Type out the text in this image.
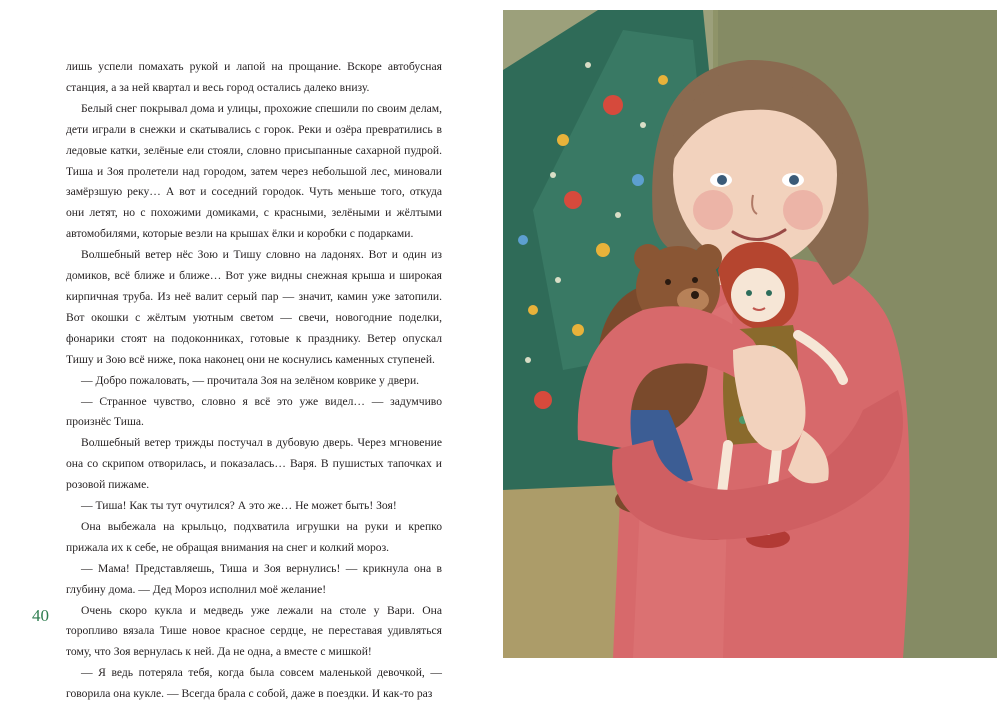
лишь успели помахать рукой и лапой на прощание. Вскоре автобусная станция, а за ней квартал и весь город остались далеко внизу.

Белый снег покрывал дома и улицы, прохожие спешили по своим делам, дети играли в снежки и скатывались с горок. Реки и озёра превратились в ледовые катки, зелёные ели стояли, словно присыпанные сахарной пудрой. Тиша и Зоя пролетели над городом, затем через небольшой лес, миновали замёрзшую реку… А вот и соседний городок. Чуть меньше того, откуда они летят, но с похожими домиками, с красными, зелёными и жёлтыми автомобилями, которые везли на крышах ёлки и коробки с подарками.

Волшебный ветер нёс Зою и Тишу словно на ладонях. Вот и один из домиков, всё ближе и ближе… Вот уже видны снежная крыша и широкая кирпичная труба. Из неё валит серый пар — значит, камин уже затопили. Вот окошки с жёлтым уютным светом — свечи, новогодние поделки, фонарики стоят на подоконниках, готовые к празднику. Ветер опускал Тишу и Зою всё ниже, пока наконец они не коснулись каменных ступеней.

— Добро пожаловать, — прочитала Зоя на зелёном коврике у двери.

— Странное чувство, словно я всё это уже видел… — задумчиво произнёс Тиша.

Волшебный ветер трижды постучал в дубовую дверь. Через мгновение она со скрипом отворилась, и показалась… Варя. В пушистых тапочках и розовой пижаме.

— Тиша! Как ты тут очутился? А это же… Не может быть! Зоя!

Она выбежала на крыльцо, подхватила игрушки на руки и крепко прижала их к себе, не обращая внимания на снег и колкий мороз.

— Мама! Представляешь, Тиша и Зоя вернулись! — крикнула она в глубину дома. — Дед Мороз исполнил моё желание!

Очень скоро кукла и медведь уже лежали на столе у Вари. Она торопливо вязала Тише новое красное сердце, не переставая удивляться тому, что Зоя вернулась к ней. Да не одна, а вместе с мишкой!

— Я ведь потеряла тебя, когда была совсем маленькой девочкой, — говорила она кукле. — Всегда брала с собой, даже в поездки. И как-то раз

40
